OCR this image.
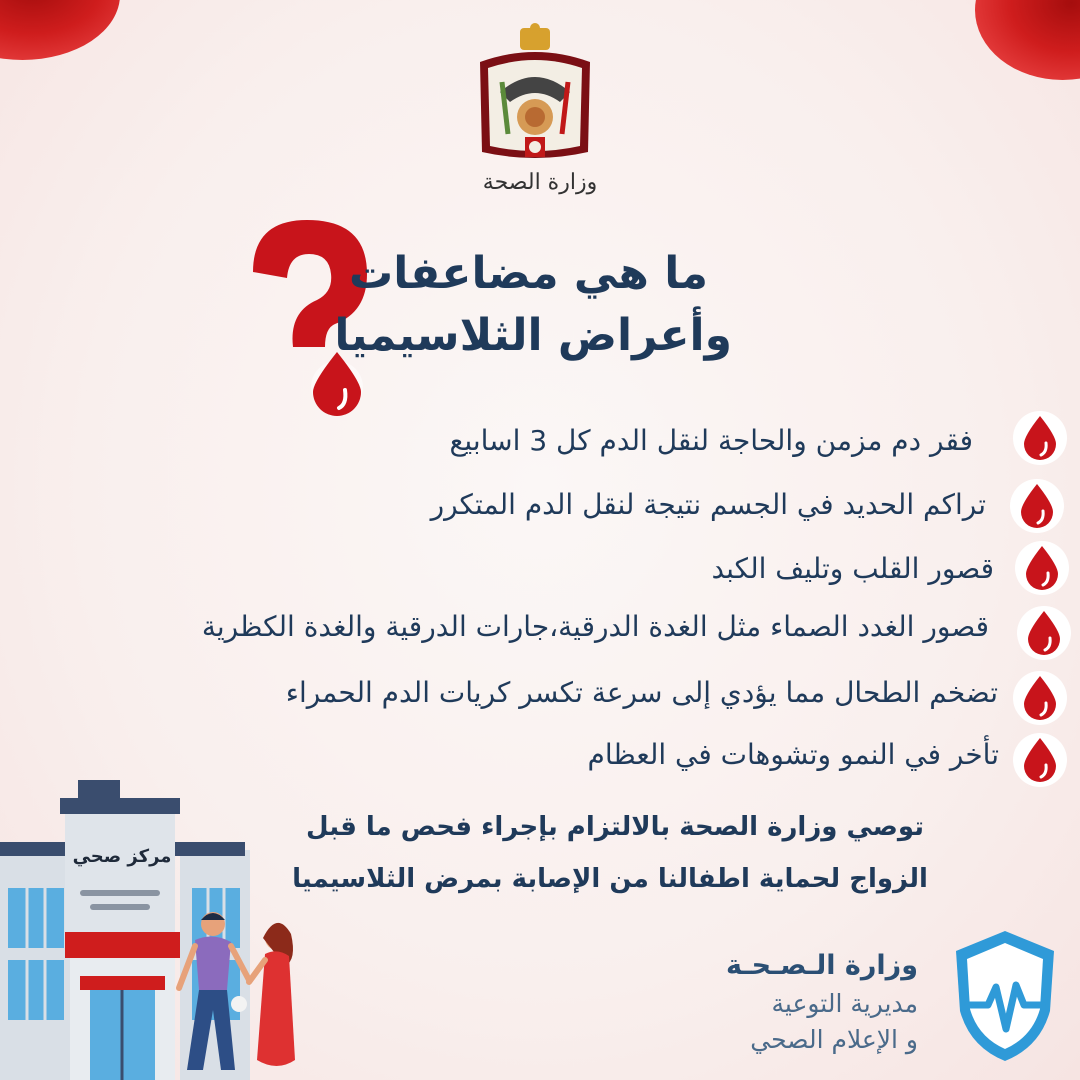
وزارة الصحة
ما هي مضاعفات
وأعراض الثلاسيميا
فقر دم مزمن والحاجة لنقل الدم كل 3 اسابيع
تراكم الحديد في الجسم نتيجة لنقل الدم المتكرر
قصور القلب وتليف الكبد
قصور الغدد الصماء مثل الغدة الدرقية،جارات الدرقية والغدة الكظرية
تضخم الطحال مما يؤدي إلى سرعة تكسر كريات الدم الحمراء
تأخر في النمو وتشوهات في العظام
توصي وزارة الصحة بالالتزام بإجراء فحص ما قبل
الزواج لحماية اطفالنا من الإصابة بمرض الثلاسيميا
مركز صحي
وزارة الـصـحـة
مديرية التوعية
و الإعلام الصحي
